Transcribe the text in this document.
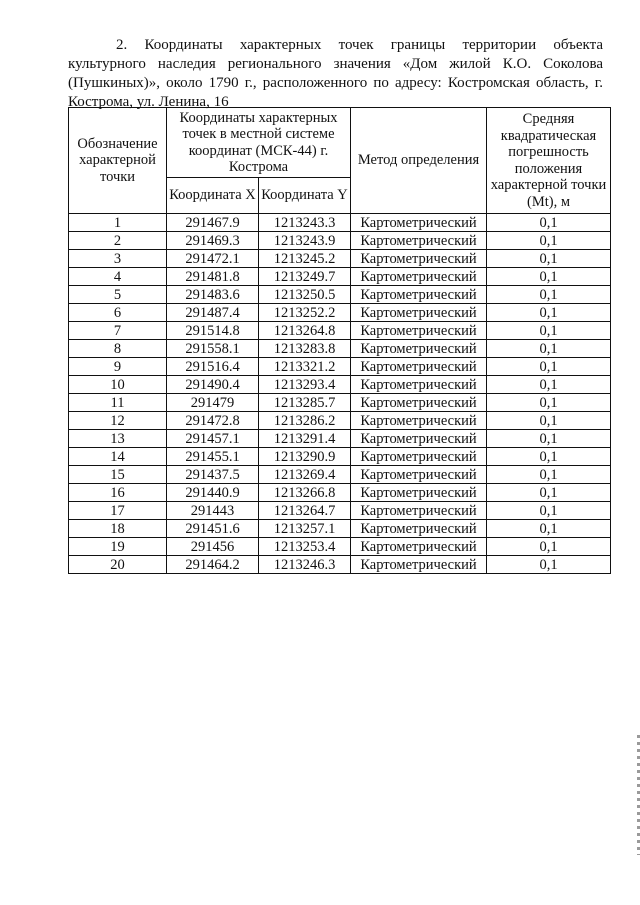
2. Координаты характерных точек границы территории объекта культурного наследия регионального значения «Дом жилой К.О. Соколова (Пушкиных)», около 1790 г., расположенного по адресу: Костромская область, г. Кострома, ул. Ленина, 16
Обозначение характерной точки	Координаты характерных точек в местной системе координат (МСК-44) г. Кострома		Метод определения	Средняя квадратическая погрешность положения характерной точки (Mt), м
	Координата X	Координата Y		
1	291467.9	1213243.3	Картометрический	0,1
2	291469.3	1213243.9	Картометрический	0,1
3	291472.1	1213245.2	Картометрический	0,1
4	291481.8	1213249.7	Картометрический	0,1
5	291483.6	1213250.5	Картометрический	0,1
6	291487.4	1213252.2	Картометрический	0,1
7	291514.8	1213264.8	Картометрический	0,1
8	291558.1	1213283.8	Картометрический	0,1
9	291516.4	1213321.2	Картометрический	0,1
10	291490.4	1213293.4	Картометрический	0,1
11	291479	1213285.7	Картометрический	0,1
12	291472.8	1213286.2	Картометрический	0,1
13	291457.1	1213291.4	Картометрический	0,1
14	291455.1	1213290.9	Картометрический	0,1
15	291437.5	1213269.4	Картометрический	0,1
16	291440.9	1213266.8	Картометрический	0,1
17	291443	1213264.7	Картометрический	0,1
18	291451.6	1213257.1	Картометрический	0,1
19	291456	1213253.4	Картометрический	0,1
20	291464.2	1213246.3	Картометрический	0,1
